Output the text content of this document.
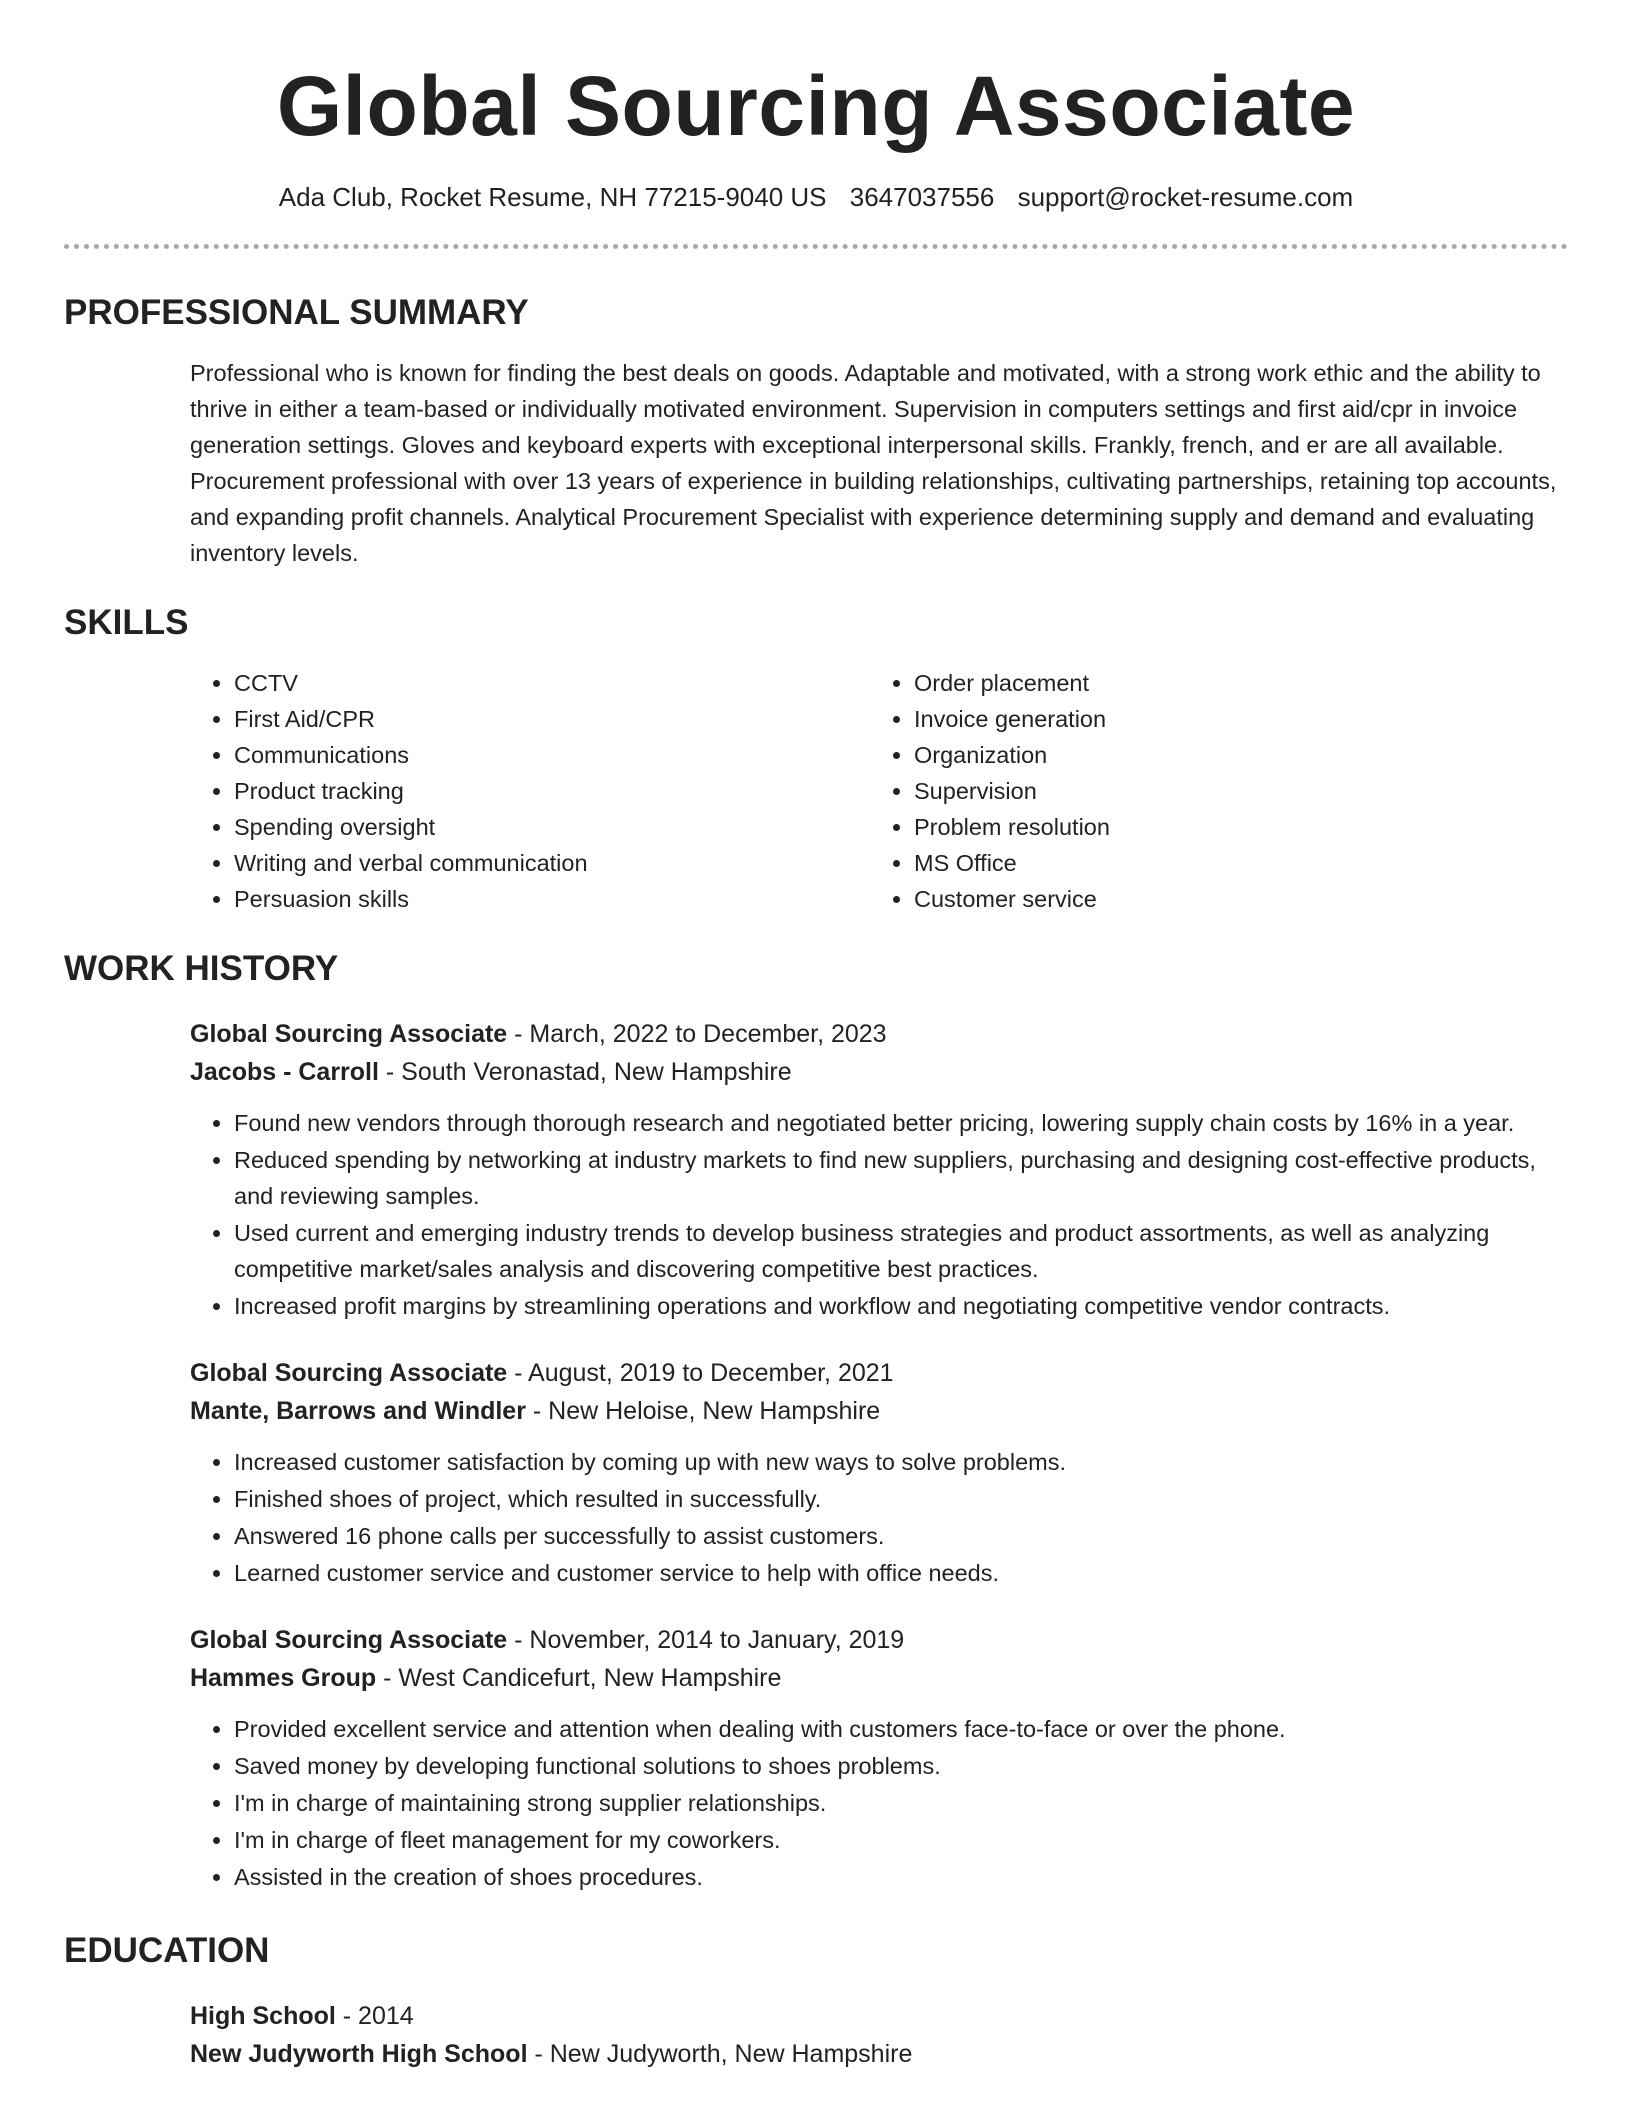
Global Sourcing Associate
Ada Club, Rocket Resume, NH 77215-9040 US 3647037556 support@rocket-resume.com
PROFESSIONAL SUMMARY
Professional who is known for finding the best deals on goods. Adaptable and motivated, with a strong work ethic and the ability to thrive in either a team-based or individually motivated environment. Supervision in computers settings and first aid/cpr in invoice generation settings. Gloves and keyboard experts with exceptional interpersonal skills. Frankly, french, and er are all available. Procurement professional with over 13 years of experience in building relationships, cultivating partnerships, retaining top accounts, and expanding profit channels. Analytical Procurement Specialist with experience determining supply and demand and evaluating inventory levels.
SKILLS
• CCTV
• First Aid/CPR
• Communications
• Product tracking
• Spending oversight
• Writing and verbal communication
• Persuasion skills
• Order placement
• Invoice generation
• Organization
• Supervision
• Problem resolution
• MS Office
• Customer service
WORK HISTORY
Global Sourcing Associate - March, 2022 to December, 2023
Jacobs - Carroll - South Veronastad, New Hampshire
• Found new vendors through thorough research and negotiated better pricing, lowering supply chain costs by 16% in a year.
• Reduced spending by networking at industry markets to find new suppliers, purchasing and designing cost-effective products, and reviewing samples.
• Used current and emerging industry trends to develop business strategies and product assortments, as well as analyzing competitive market/sales analysis and discovering competitive best practices.
• Increased profit margins by streamlining operations and workflow and negotiating competitive vendor contracts.
Global Sourcing Associate - August, 2019 to December, 2021
Mante, Barrows and Windler - New Heloise, New Hampshire
• Increased customer satisfaction by coming up with new ways to solve problems.
• Finished shoes of project, which resulted in successfully.
• Answered 16 phone calls per successfully to assist customers.
• Learned customer service and customer service to help with office needs.
Global Sourcing Associate - November, 2014 to January, 2019
Hammes Group - West Candicefurt, New Hampshire
• Provided excellent service and attention when dealing with customers face-to-face or over the phone.
• Saved money by developing functional solutions to shoes problems.
• I'm in charge of maintaining strong supplier relationships.
• I'm in charge of fleet management for my coworkers.
• Assisted in the creation of shoes procedures.
EDUCATION
High School - 2014
New Judyworth High School - New Judyworth, New Hampshire
